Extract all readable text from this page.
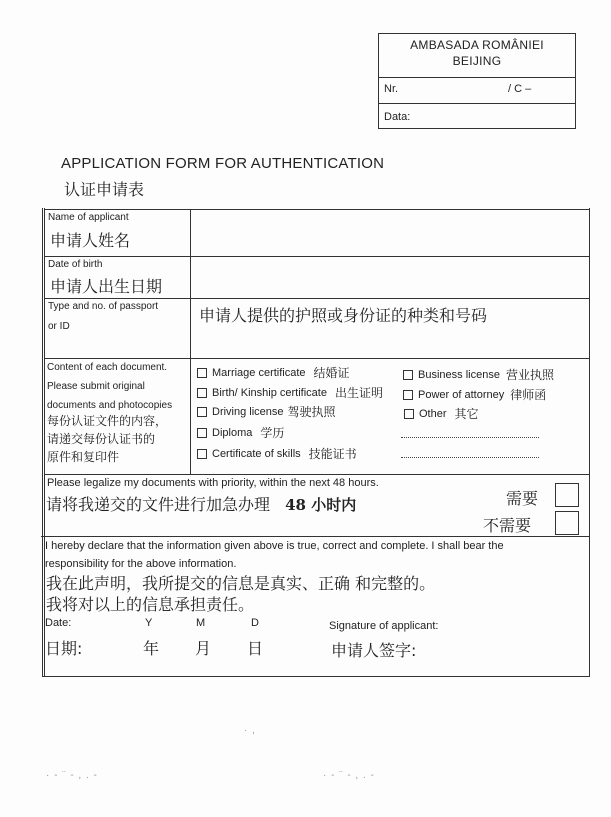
AMBASADA ROMÂNIEI
BEIJING
Nr.	/ C –
Data:
APPLICATION FORM FOR AUTHENTICATION
认证申请表
Name of applicant
申请人姓名
Date of birth
申请人出生日期
Type and no. of passport
or ID
申请人提供的护照或身份证的种类和号码
Content of each document.
Please submit original
documents and photocopies
每份认证文件的内容，
请递交每份认证书的
原件和复印件
Marriage certificate 结婚证
Birth/ Kinship certificate 出生证明
Driving license 驾驶执照
Diploma 学历
Certificate of skills 技能证书
Business license 营业执照
Power of attorney 律师函
Other 其它
Please legalize my documents with priority, within the next 48 hours.
请将我递交的文件进行加急办理 48 小时内	需要
不需要
I hereby declare that the information given above is true, correct and complete. I shall bear the
responsibility for the above information.
我在此声明，我所提交的信息是真实、正确 和完整的。
我将对以上的信息承担责任。
Date:	Y	M	D	Signature of applicant:
日期:	年 月 日	申请人签字:
· - ¨ - , . -	· - ¨ - , . -
· ,
